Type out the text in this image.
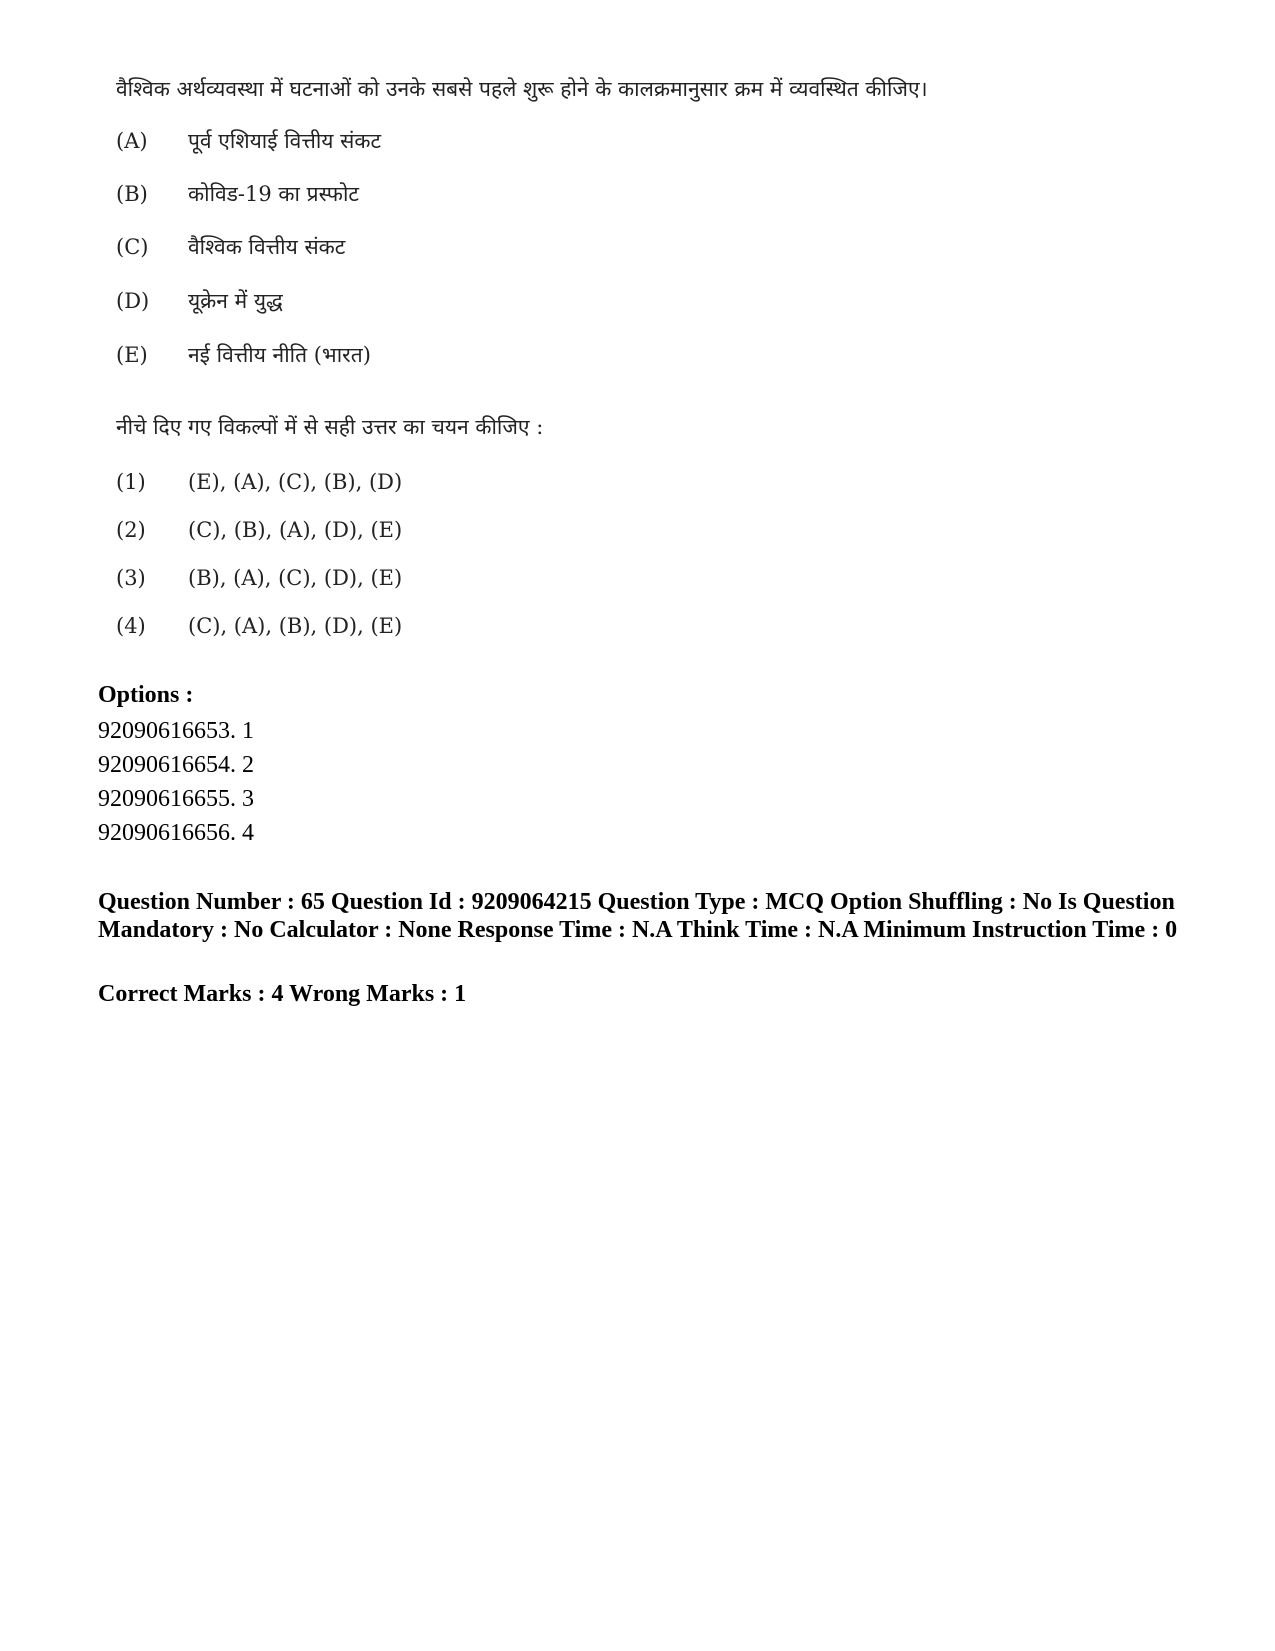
वैश्विक अर्थव्यवस्था में घटनाओं को उनके सबसे पहले शुरू होने के कालक्रमानुसार क्रम में व्यवस्थित कीजिए।
(A) पूर्व एशियाई वित्तीय संकट
(B) कोविड-19 का प्रस्फोट
(C) वैश्विक वित्तीय संकट
(D) यूक्रेन में युद्ध
(E) नई वित्तीय नीति (भारत)
नीचे दिए गए विकल्पों में से सही उत्तर का चयन कीजिए :
(1) (E), (A), (C), (B), (D)
(2) (C), (B), (A), (D), (E)
(3) (B), (A), (C), (D), (E)
(4) (C), (A), (B), (D), (E)
Options :
92090616653. 1
92090616654. 2
92090616655. 3
92090616656. 4
Question Number : 65 Question Id : 9209064215 Question Type : MCQ Option Shuffling : No Is Question Mandatory : No Calculator : None Response Time : N.A Think Time : N.A Minimum Instruction Time : 0
Correct Marks : 4 Wrong Marks : 1
